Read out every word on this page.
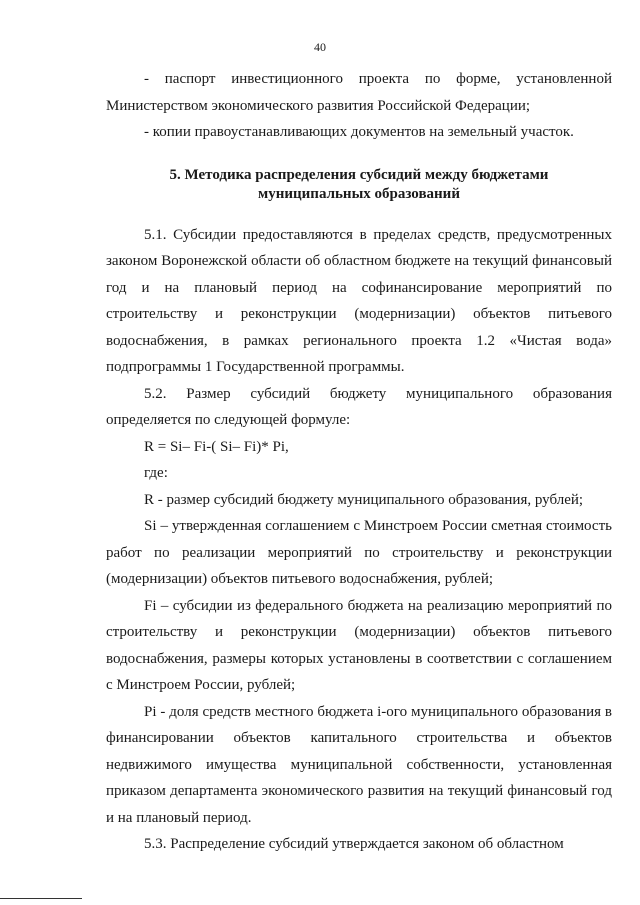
40

- паспорт инвестиционного проекта по форме, установленной Министерством экономического развития Российской Федерации;

- копии правоустанавливающих документов на земельный участок.

5. Методика распределения субсидий между бюджетами
муниципальных образований

5.1. Субсидии предоставляются в пределах средств, предусмотренных законом Воронежской области об областном бюджете на текущий финансовый год и на плановый период на софинансирование мероприятий по строительству и реконструкции (модернизации) объектов питьевого водоснабжения, в рамках регионального проекта 1.2 «Чистая вода» подпрограммы 1 Государственной программы.

5.2. Размер субсидий бюджету муниципального образования определяется по следующей формуле:

R = Si– Fi-( Si– Fi)* Pi,

где:

R - размер субсидий бюджету муниципального образования, рублей;

Si – утвержденная соглашением с Минстроем России сметная стоимость работ по реализации мероприятий по строительству и реконструкции (модернизации) объектов питьевого водоснабжения, рублей;

Fi – субсидии из федерального бюджета на реализацию мероприятий по строительству и реконструкции (модернизации) объектов питьевого водоснабжения, размеры которых установлены в соответствии с соглашением с Минстроем России, рублей;

Pi - доля средств местного бюджета i-ого муниципального образования в финансировании объектов капитального строительства и объектов недвижимого имущества муниципальной собственности, установленная приказом департамента экономического развития на текущий финансовый год и на плановый период.

5.3. Распределение субсидий утверждается законом об областном
